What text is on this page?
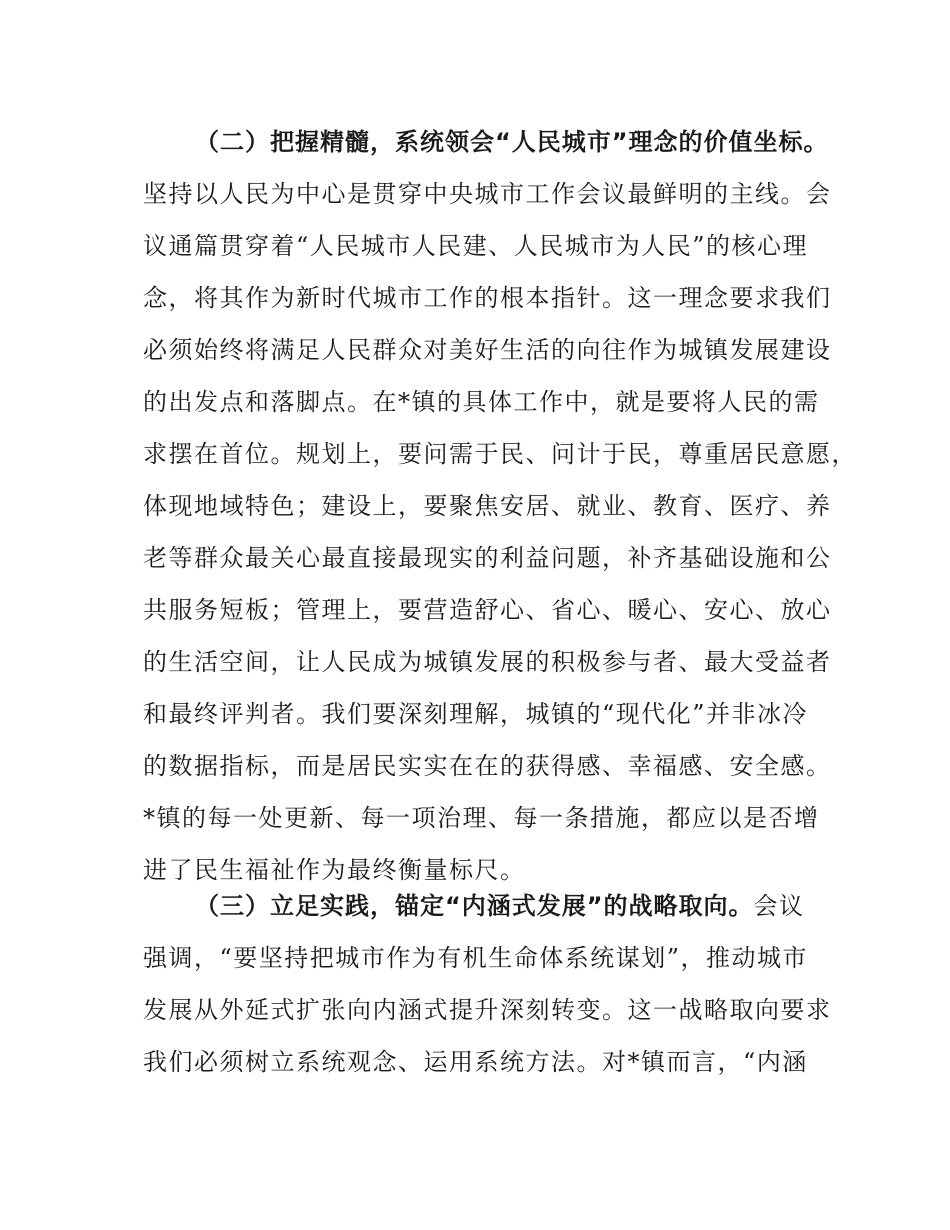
（二）把握精髓，系统领会“人民城市”理念的价值坐标。
坚持以人民为中心是贯穿中央城市工作会议最鲜明的主线。会
议通篇贯穿着“人民城市人民建、人民城市为人民”的核心理
念，将其作为新时代城市工作的根本指针。这一理念要求我们
必须始终将满足人民群众对美好生活的向往作为城镇发展建设
的出发点和落脚点。在*镇的具体工作中，就是要将人民的需
求摆在首位。规划上，要问需于民、问计于民，尊重居民意愿，
体现地域特色；建设上，要聚焦安居、就业、教育、医疗、养
老等群众最关心最直接最现实的利益问题，补齐基础设施和公
共服务短板；管理上，要营造舒心、省心、暖心、安心、放心
的生活空间，让人民成为城镇发展的积极参与者、最大受益者
和最终评判者。我们要深刻理解，城镇的“现代化”并非冰冷
的数据指标，而是居民实实在在的获得感、幸福感、安全感。
*镇的每一处更新、每一项治理、每一条措施，都应以是否增
进了民生福祉作为最终衡量标尺。
（三）立足实践，锚定“内涵式发展”的战略取向。会议
强调，“要坚持把城市作为有机生命体系统谋划”，推动城市
发展从外延式扩张向内涵式提升深刻转变。这一战略取向要求
我们必须树立系统观念、运用系统方法。对*镇而言，“内涵
